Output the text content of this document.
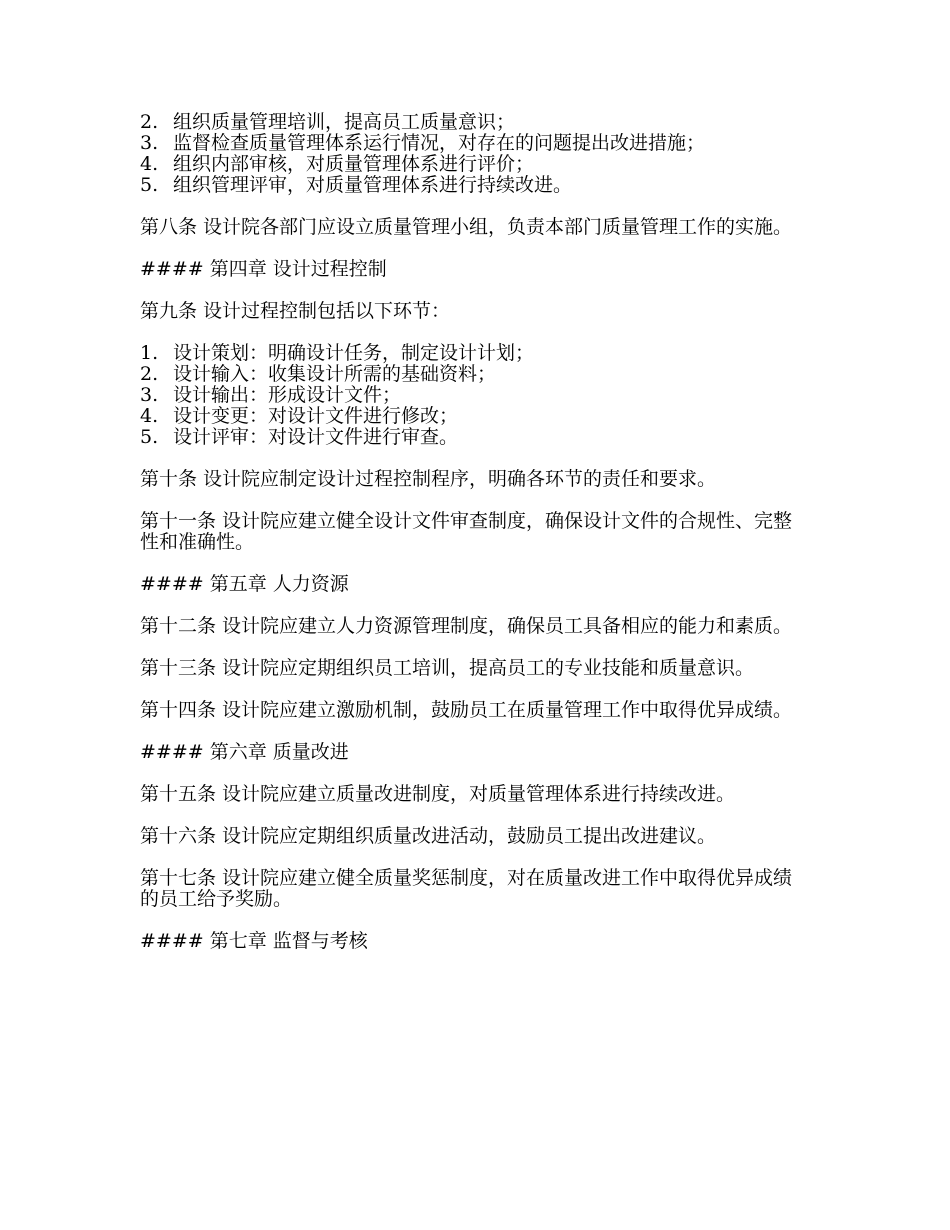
2. 组织质量管理培训，提高员工质量意识；
3. 监督检查质量管理体系运行情况，对存在的问题提出改进措施；
4. 组织内部审核，对质量管理体系进行评价；
5. 组织管理评审，对质量管理体系进行持续改进。

第八条 设计院各部门应设立质量管理小组，负责本部门质量管理工作的实施。

#### 第四章 设计过程控制

第九条 设计过程控制包括以下环节：

1. 设计策划：明确设计任务，制定设计计划；
2. 设计输入：收集设计所需的基础资料；
3. 设计输出：形成设计文件；
4. 设计变更：对设计文件进行修改；
5. 设计评审：对设计文件进行审查。

第十条 设计院应制定设计过程控制程序，明确各环节的责任和要求。

第十一条 设计院应建立健全设计文件审查制度，确保设计文件的合规性、完整性和准确性。

#### 第五章 人力资源

第十二条 设计院应建立人力资源管理制度，确保员工具备相应的能力和素质。

第十三条 设计院应定期组织员工培训，提高员工的专业技能和质量意识。

第十四条 设计院应建立激励机制，鼓励员工在质量管理工作中取得优异成绩。

#### 第六章 质量改进

第十五条 设计院应建立质量改进制度，对质量管理体系进行持续改进。

第十六条 设计院应定期组织质量改进活动，鼓励员工提出改进建议。

第十七条 设计院应建立健全质量奖惩制度，对在质量改进工作中取得优异成绩的员工给予奖励。

#### 第七章 监督与考核
